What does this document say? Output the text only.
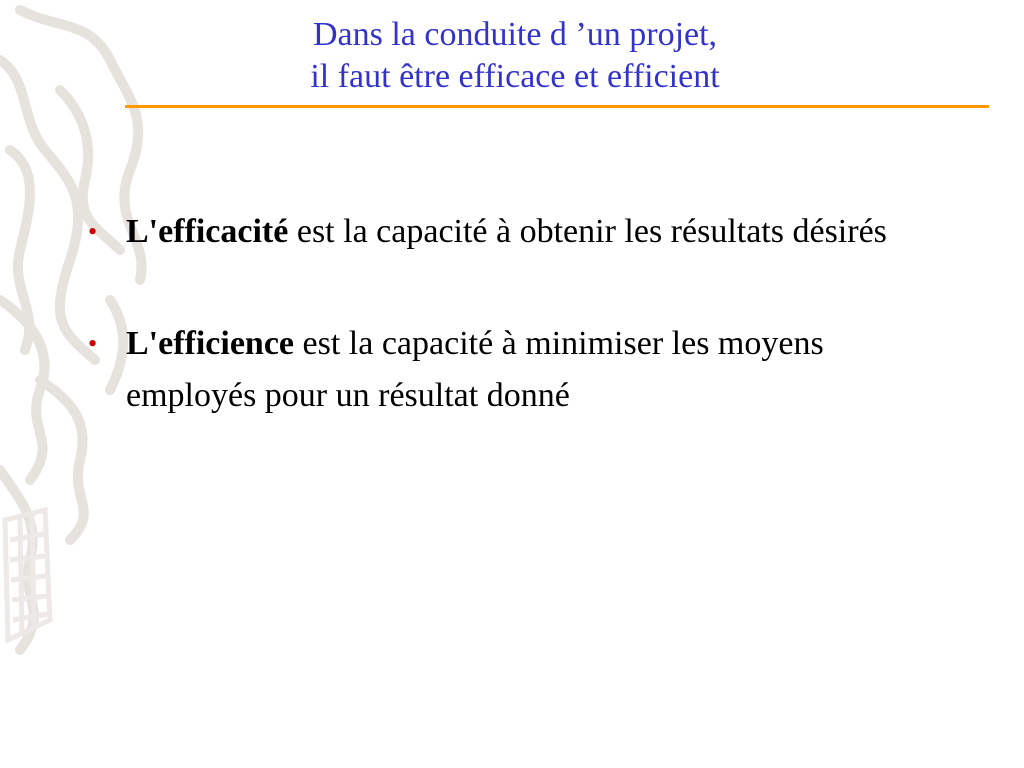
Dans la conduite d ’un projet,
il faut être efficace et efficient
• L'efficacité est la capacité à obtenir les résultats désirés
• L'efficience est la capacité à minimiser les moyens employés pour un résultat donné
